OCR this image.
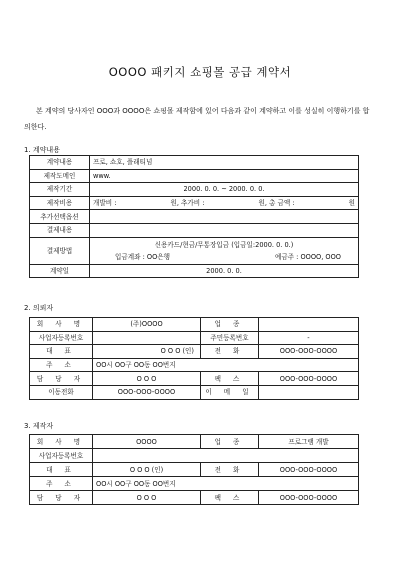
OOOO 패키지 쇼핑몰 공급 계약서
본 계약의 당사자인 OOO과 OOOO은 쇼핑몰 제작함에 있어 다음과 같이 계약하고 이를 성실히 이행하기를 합의한다.
1. 계약내용
계약내용	프로, 쇼호, 플래티넘
제작도메인	www.
제작기간	2000. 0. 0. ~ 2000. 0. 0.
제작비용	개발비 : 원, 추가비 : 원, 총 금액 : 원

추가선택옵션	
결제내용	
결제방법	신용카드/현금/무통장입금 (입금일:2000. 0. 0.)
입금계좌 : OO은행 예금주 : OOOO, OOO

계약일	2000. 0. 0.
2. 의뢰자
회 사 명	(주)OOOO	업 종	
사업자등록번호		주민등록번호	-
대 표	O O O (인)	전 화	OOO-OOO-OOOO
주 소	OO시 OO구 OO동 OO번지		
담 당 자	O O O	팩 스	OOO-OOO-OOOO
이동전화	OOO-OOO-OOOO	이 메 일	
3. 제작자
회 사 명	OOOO	업 종	프로그램 개발
사업자등록번호			
대 표	O O O (인)	전 화	OOO-OOO-OOOO
주 소	OO시 OO구 OO동 OO번지		
담 당 자	O O O	팩 스	OOO-OOO-OOOO
